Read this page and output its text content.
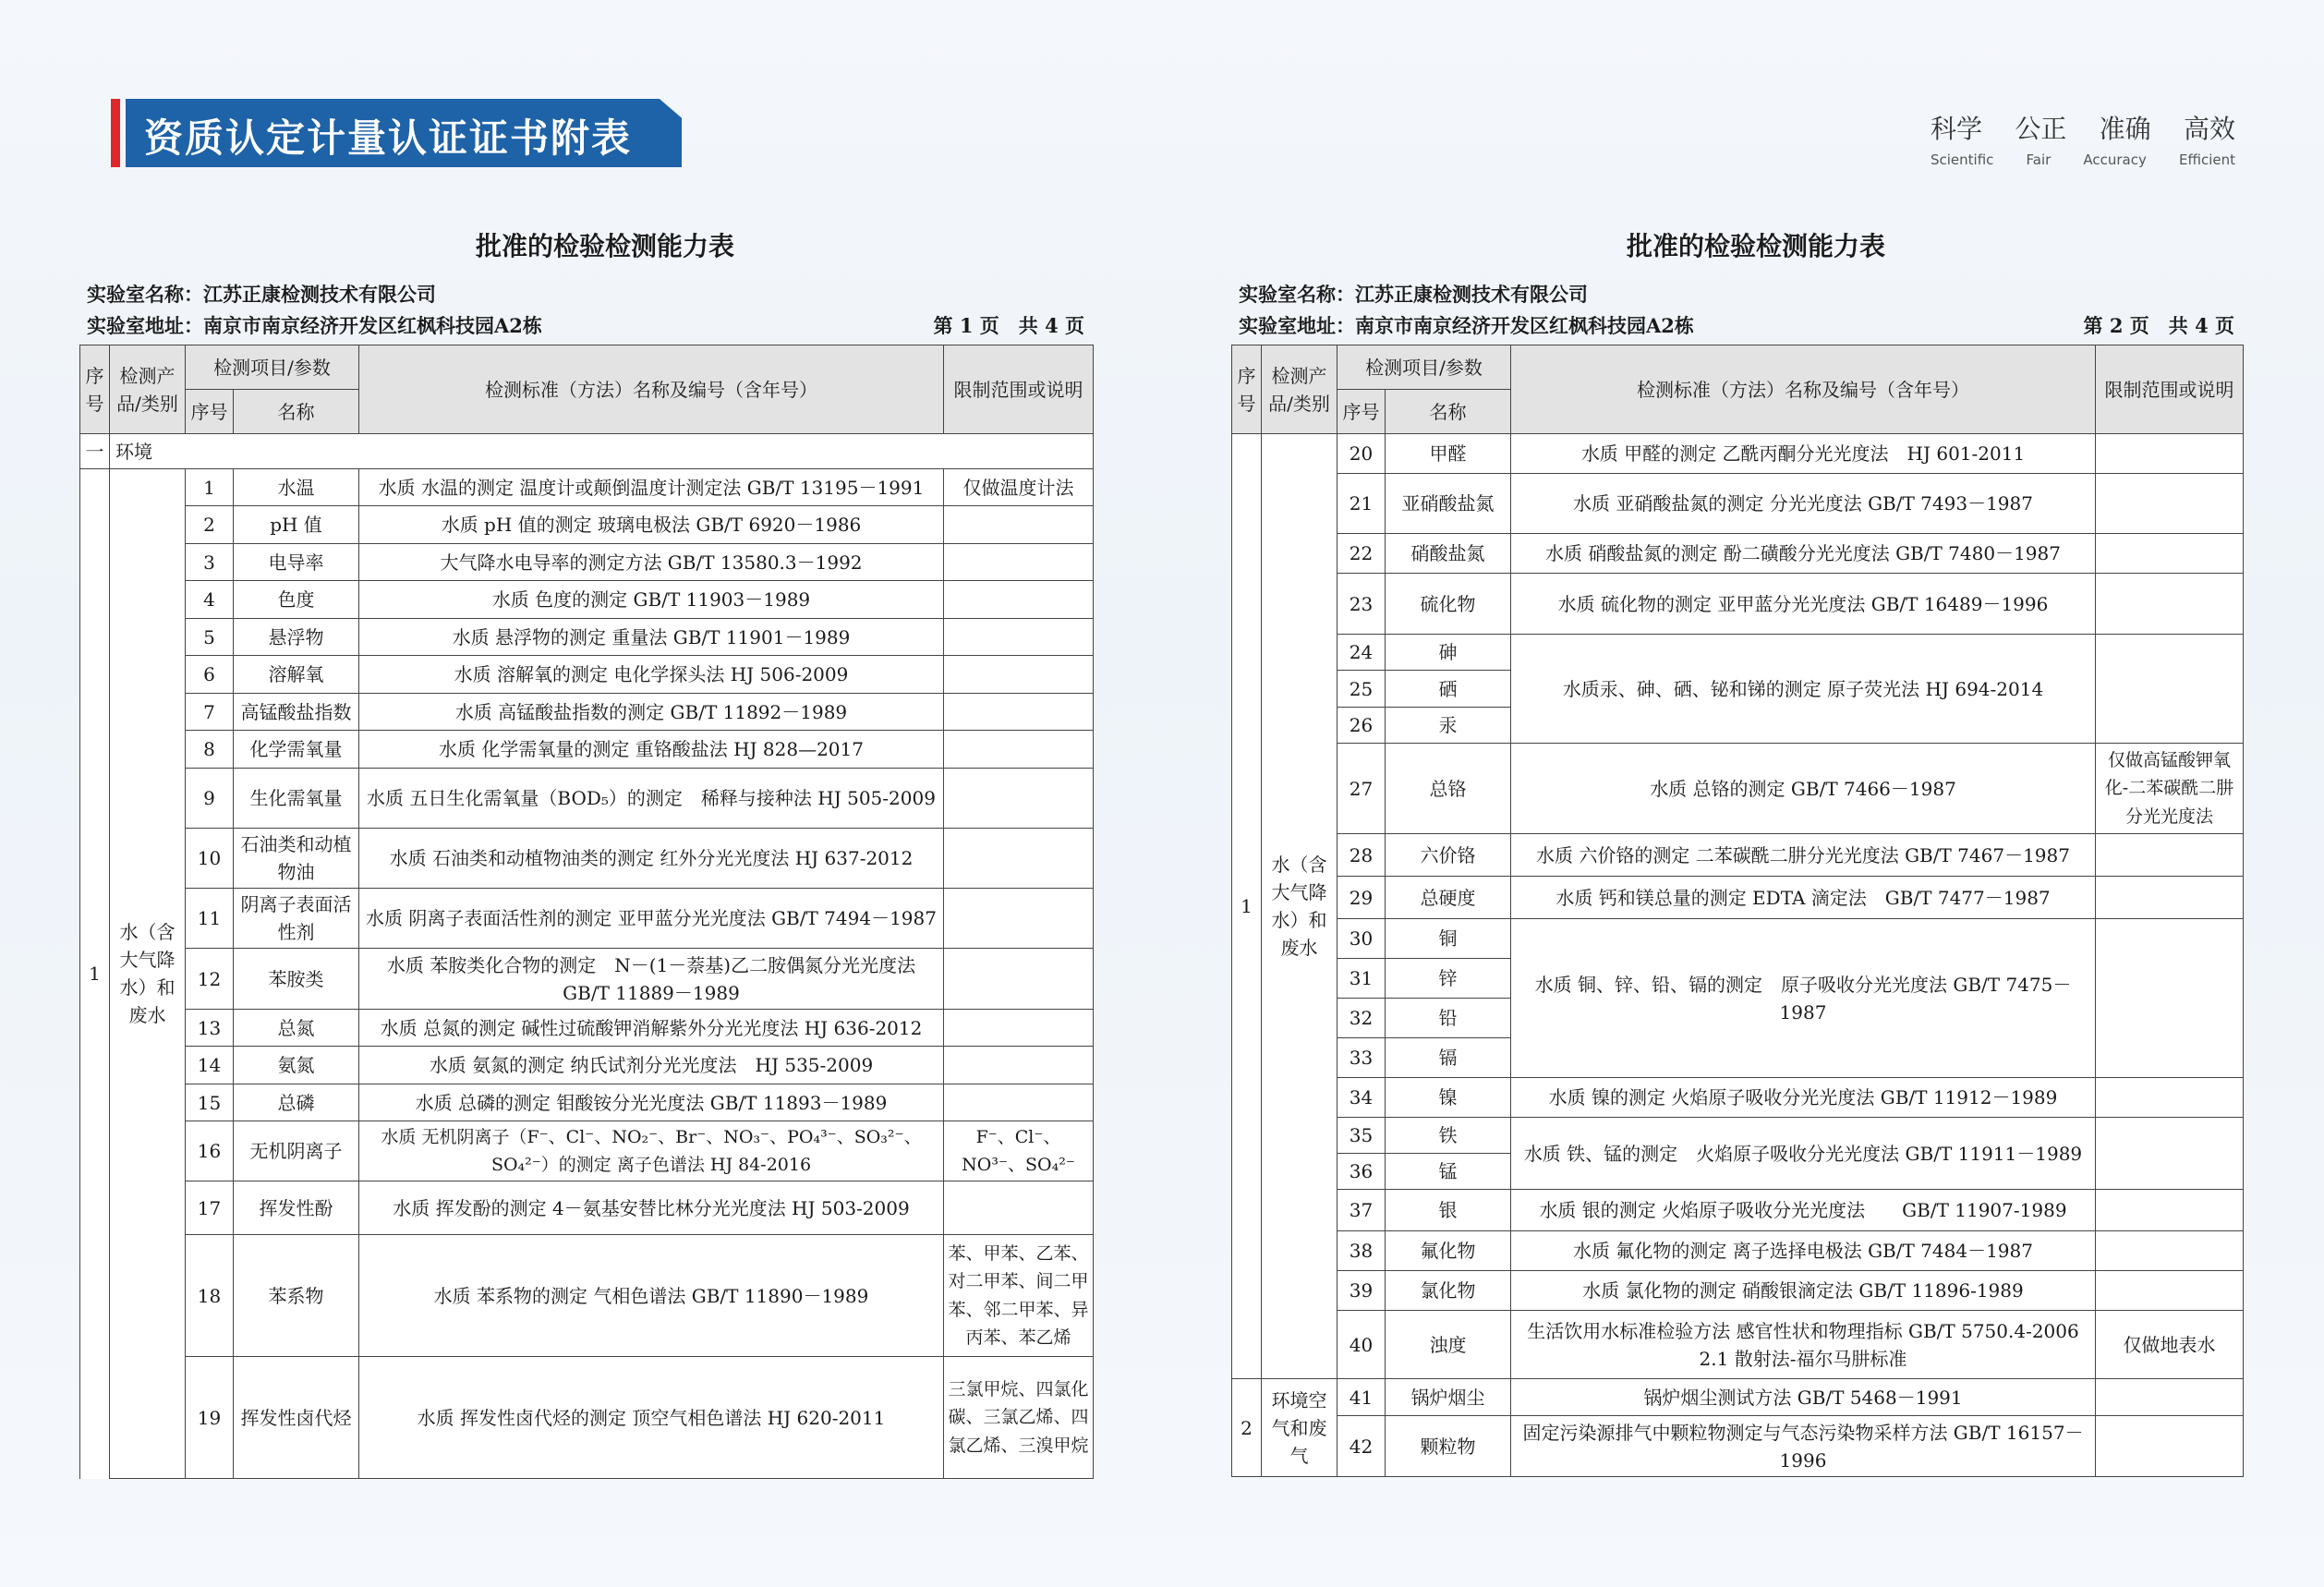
资质认定计量认证证书附表	科学 公正 准确 高效
Scientific Fair Accuracy Efficient
批准的检验检测能力表
实验室名称：江苏正康检测技术有限公司
实验室地址：南京市南京经济开发区红枫科技园A2栋	第 1 页　共 4 页
序号	检测产品/类别	检测项目/参数		检测标准（方法）名称及编号（含年号）	限制范围或说明
		序号	名称		
一	环境				
1	水（含大气降水）和废水	1	水温	水质 水温的测定 温度计或颠倒温度计测定法 GB/T 13195－1991	仅做温度计法
		2	pH 值	水质 pH 值的测定 玻璃电极法 GB/T 6920－1986	
		3	电导率	大气降水电导率的测定方法 GB/T 13580.3－1992	
		4	色度	水质 色度的测定 GB/T 11903－1989	
		5	悬浮物	水质 悬浮物的测定 重量法 GB/T 11901－1989	
		6	溶解氧	水质 溶解氧的测定 电化学探头法 HJ 506-2009	
		7	高锰酸盐指数	水质 高锰酸盐指数的测定 GB/T 11892－1989	
		8	化学需氧量	水质 化学需氧量的测定 重铬酸盐法 HJ 828—2017	
		9	生化需氧量	水质 五日生化需氧量（BOD₅）的测定　稀释与接种法 HJ 505-2009	
		10	石油类和动植物油	水质 石油类和动植物油类的测定 红外分光光度法 HJ 637-2012	
		11	阴离子表面活性剂	水质 阴离子表面活性剂的测定 亚甲蓝分光光度法 GB/T 7494－1987	
		12	苯胺类	水质 苯胺类化合物的测定　N－(1－萘基)乙二胺偶氮分光光度法 GB/T 11889－1989	
		13	总氮	水质 总氮的测定 碱性过硫酸钾消解紫外分光光度法 HJ 636-2012	
		14	氨氮	水质 氨氮的测定 纳氏试剂分光光度法　HJ 535-2009	
		15	总磷	水质 总磷的测定 钼酸铵分光光度法 GB/T 11893－1989	
		16	无机阴离子	水质 无机阴离子（F⁻、Cl⁻、NO₂⁻、Br⁻、NO₃⁻、PO₄³⁻、SO₃²⁻、SO₄²⁻）的测定 离子色谱法 HJ 84-2016	F⁻、Cl⁻、NO³⁻、SO₄²⁻
		17	挥发性酚	水质 挥发酚的测定 4－氨基安替比林分光光度法 HJ 503-2009	
		18	苯系物	水质 苯系物的测定 气相色谱法 GB/T 11890－1989	苯、甲苯、乙苯、对二甲苯、间二甲苯、邻二甲苯、异丙苯、苯乙烯
		19	挥发性卤代烃	水质 挥发性卤代烃的测定 顶空气相色谱法 HJ 620-2011	三氯甲烷、四氯化碳、三氯乙烯、四氯乙烯、三溴甲烷
批准的检验检测能力表
实验室名称：江苏正康检测技术有限公司
实验室地址：南京市南京经济开发区红枫科技园A2栋	第 2 页　共 4 页
序号	检测产品/类别	检测项目/参数		检测标准（方法）名称及编号（含年号）	限制范围或说明
		序号	名称		
1	水（含大气降水）和废水	20	甲醛	水质 甲醛的测定 乙酰丙酮分光光度法　HJ 601-2011	
		21	亚硝酸盐氮	水质 亚硝酸盐氮的测定 分光光度法 GB/T 7493－1987	
		22	硝酸盐氮	水质 硝酸盐氮的测定 酚二磺酸分光光度法 GB/T 7480－1987	
		23	硫化物	水质 硫化物的测定 亚甲蓝分光光度法 GB/T 16489－1996	
		24	砷	水质汞、砷、硒、铋和锑的测定 原子荧光法 HJ 694-2014	
		25	硒		
		26	汞		
		27	总铬	水质 总铬的测定 GB/T 7466－1987	仅做高锰酸钾氧化-二苯碳酰二肼分光光度法
		28	六价铬	水质 六价铬的测定 二苯碳酰二肼分光光度法 GB/T 7467－1987	
		29	总硬度	水质 钙和镁总量的测定 EDTA 滴定法　GB/T 7477－1987	
		30	铜	水质 铜、锌、铅、镉的测定　原子吸收分光光度法 GB/T 7475－1987	
		31	锌		
		32	铅		
		33	镉		
		34	镍	水质 镍的测定 火焰原子吸收分光光度法 GB/T 11912－1989	
		35	铁	水质 铁、锰的测定　火焰原子吸收分光光度法 GB/T 11911－1989	
		36	锰		
		37	银	水质 银的测定 火焰原子吸收分光光度法　　GB/T 11907-1989	
		38	氟化物	水质 氟化物的测定 离子选择电极法 GB/T 7484－1987	
		39	氯化物	水质 氯化物的测定 硝酸银滴定法 GB/T 11896-1989	
		40	浊度	生活饮用水标准检验方法 感官性状和物理指标 GB/T 5750.4-2006　2.1 散射法-福尔马肼标准	仅做地表水
2	环境空气和废气	41	锅炉烟尘	锅炉烟尘测试方法 GB/T 5468－1991	
		42	颗粒物	固定污染源排气中颗粒物测定与气态污染物采样方法 GB/T 16157－1996	
